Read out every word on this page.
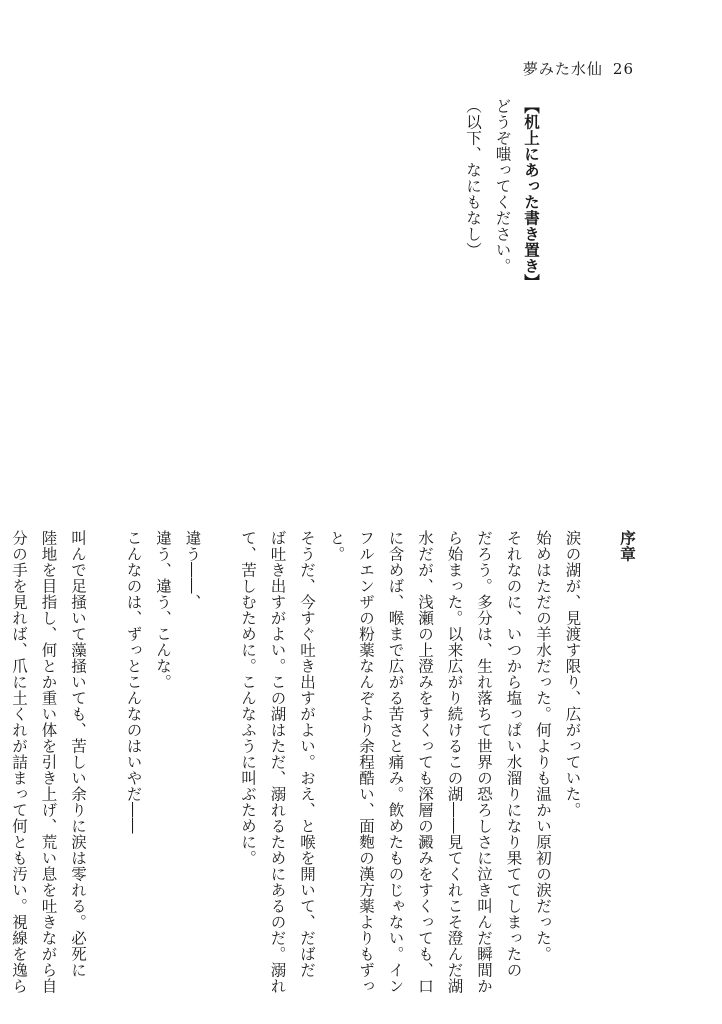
夢みた水仙 26

【机上にあった書き置き】

どうぞ嗤ってください。

（以下、なにもなし）

序章

涙の湖が、見渡す限り、広がっていた。

始めはただの羊水だった。何よりも温かい原初の涙だった。

それなのに、いつから塩っぱい水溜りになり果ててしまったの

だろう。多分は、生れ落ちて世界の恐ろしさに泣き叫んだ瞬間か

ら始まった。以来広がり続けるこの湖――見てくれこそ澄んだ湖

水だが、浅瀬の上澄みをすくっても深層の澱みをすくっても、口

に含めば、喉まで広がる苦さと痛み。飲めたものじゃない。イン

フルエンザの粉薬なんぞより余程酷い、面麭の漢方薬よりもずっ

と。

そうだ、今すぐ吐き出すがよい。おえ、と喉を開いて、だばだ

ば吐き出すがよい。この湖はただ、溺れるためにあるのだ。溺れ

て、苦しむために。こんなふうに叫ぶために。

違う――、

違う、違う、こんな。

こんなのは、ずっとこんなのはいやだ――

叫んで足掻いて藻掻いても、苦しい余りに涙は零れる。必死に

陸地を目指し、何とか重い体を引き上げ、荒い息を吐きながら自

分の手を見れば、爪に土くれが詰まって何とも汚い。視線を逸ら
